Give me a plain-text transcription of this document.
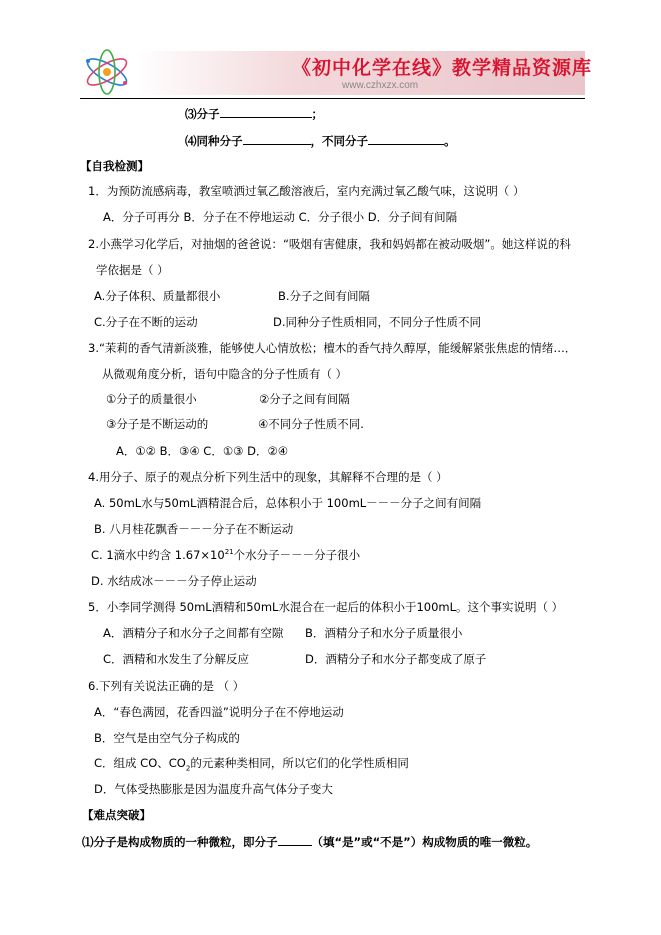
《初中化学在线》教学精品资源库
www.czhxzx.com
⑶分子	；
⑷同种分子	，不同分子	。
【自我检测】
1．为预防流感病毒，教室喷洒过氧乙酸溶液后，室内充满过氧乙酸气味，这说明（ ）
A．分子可再分 B．分子在不停地运动 C．分子很小 D．分子间有间隔
2.小燕学习化学后，对抽烟的爸爸说：“吸烟有害健康，我和妈妈都在被动吸烟”。她这样说的科
学依据是（ ）
A.分子体积、质量都很小	B.分子之间有间隔
C.分子在不断的运动	D.同种分子性质相同，不同分子性质不同
3.“茉莉的香气清新淡雅，能够使人心情放松；檀木的香气持久醇厚，能缓解紧张焦虑的情绪…．
从微观角度分析，语句中隐含的分子性质有（ ）
①分子的质量很小	②分子之间有间隔
③分子是不断运动的	④不同分子性质不同.
A．①② B．③④ C．①③ D．②④
4.用分子、原子的观点分析下列生活中的现象，其解释不合理的是（ ）
A. 50mL水与50mL酒精混合后，总体积小于 100mL－－－分子之间有间隔
B. 八月桂花飘香－－－分子在不断运动
C. 1滴水中约含 $1.67\times 10^{21}$个水分子－－－分子很小
D. 水结成冰－－－分子停止运动
5．小李同学测得 50mL酒精和50mL水混合在一起后的体积小于100mL。这个事实说明（ ）
A．酒精分子和水分子之间都有空隙 B．酒精分子和水分子质量很小
C．酒精和水发生了分解反应	D．酒精分子和水分子都变成了原子
6.下列有关说法正确的是 （ ）
A．“春色满园，花香四溢”说明分子在不停地运动
B．空气是由空气分子构成的
C．组成 CO、$CO_2$的元素种类相同，所以它们的化学性质相同
D．气体受热膨胀是因为温度升高气体分子变大
【难点突破】
⑴分子是构成物质的一种微粒，即分子	（填“是”或“不是”）构成物质的唯一微粒。
